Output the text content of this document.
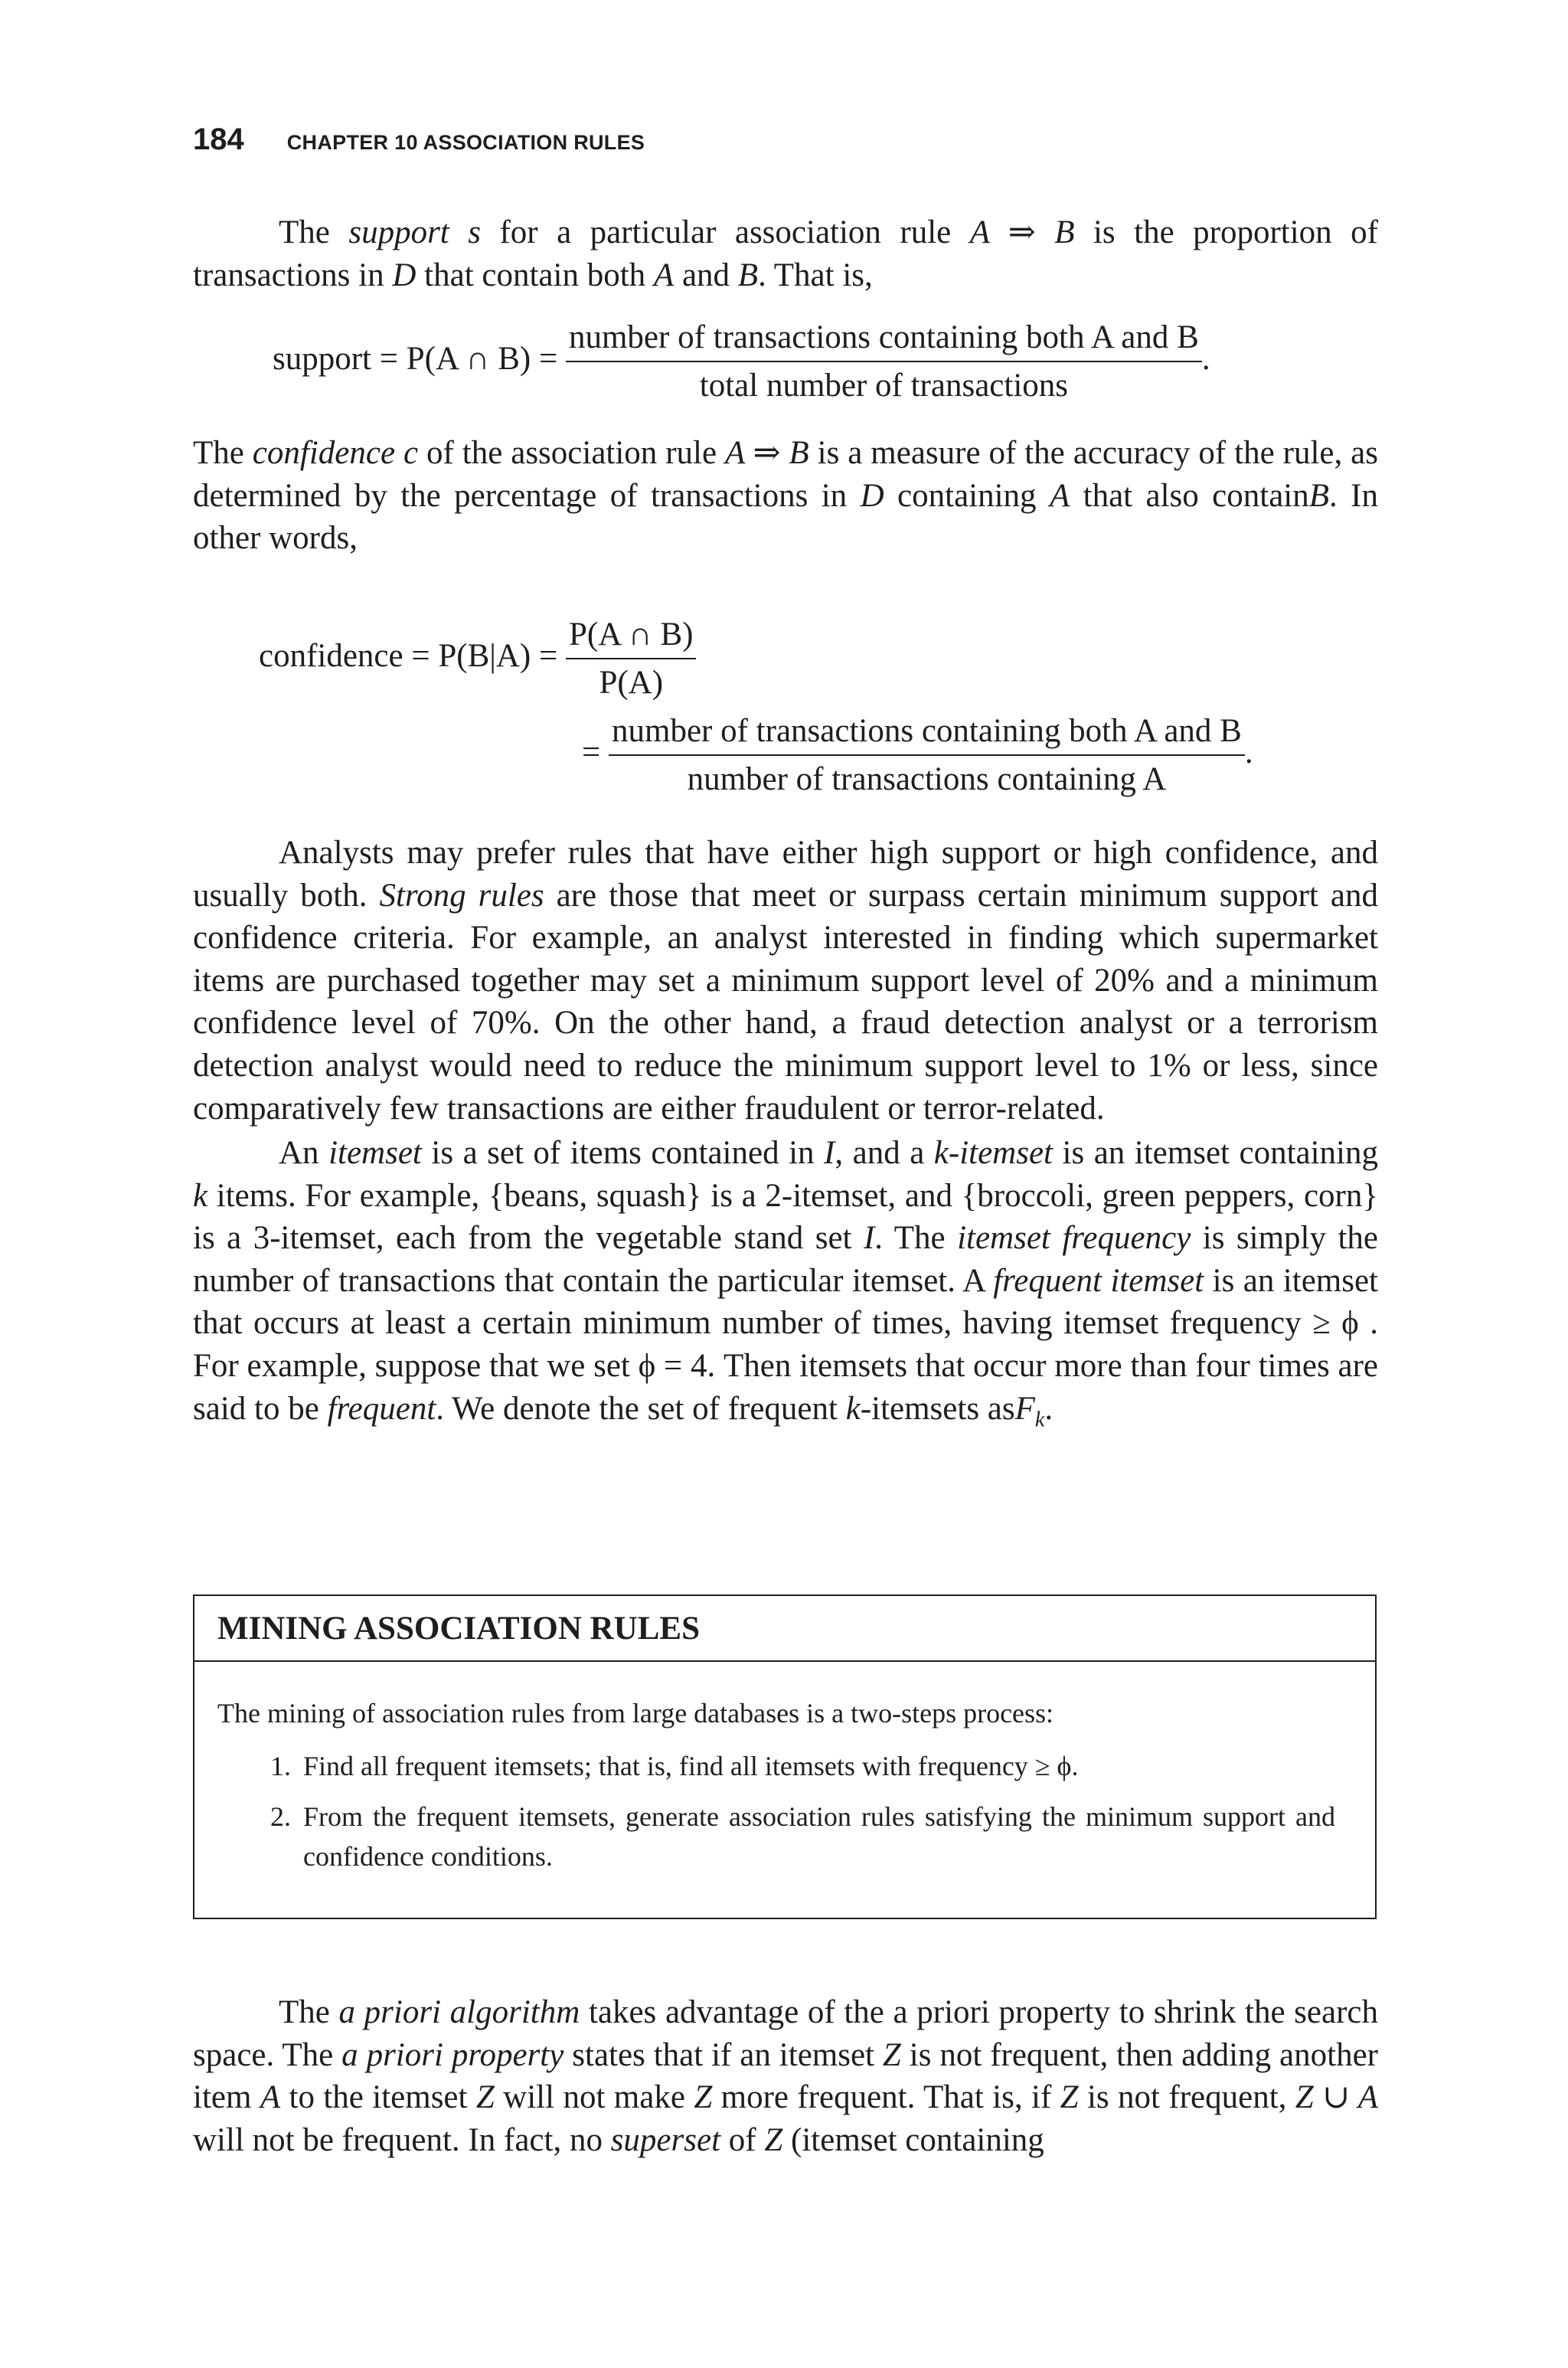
184 CHAPTER 10 ASSOCIATION RULES

The support s for a particular association rule A ⇒ B is the proportion of transactions in D that contain both A and B. That is,

support = P(A ∩ $B) = \frac{\text{number of transactions containing both A and B}}{\text{total number of transactions}}$ .

The confidence c of the association rule A ⇒ B is a measure of the accuracy of the rule, as determined by the percentage of transactions in D containing A that also containB. In other words,

confidence = $P(B|A) = \frac{P(A \cap B)}{P(A)}$
= $\frac{\text{number of transactions containing both A and B}}{\text{number of transactions containing A}}$ .

Analysts may prefer rules that have either high support or high confidence, and usually both. Strong rules are those that meet or surpass certain minimum support and confidence criteria. For example, an analyst interested in finding which supermarket items are purchased together may set a minimum support level of 20% and a minimum confidence level of 70%. On the other hand, a fraud detection analyst or a terrorism detection analyst would need to reduce the minimum support level to 1% or less, since comparatively few transactions are either fraudulent or terror-related.

An itemset is a set of items contained in I, and a k-itemset is an itemset containing k items. For example, {beans, squash} is a 2-itemset, and {broccoli, green peppers, corn} is a 3-itemset, each from the vegetable stand set I. The itemset frequency is simply the number of transactions that contain the particular itemset. A frequent itemset is an itemset that occurs at least a certain minimum number of times, having itemset frequency ≥ ϕ . For example, suppose that we set ϕ = 4. Then itemsets that occur more than four times are said to be frequent. We denote the set of frequent k-itemsets asF$_k$.

MINING ASSOCIATION RULES
The mining of association rules from large databases is a two-steps process:
1. Find all frequent itemsets; that is, find all itemsets with frequency ≥ ϕ.
2. From the frequent itemsets, generate association rules satisfying the minimum support and confidence conditions.

The a priori algorithm takes advantage of the a priori property to shrink the search space. The a priori property states that if an itemset Z is not frequent, then adding another item A to the itemset Z will not make Z more frequent. That is, if Z is not frequent, Z ∪ A will not be frequent. In fact, no superset of Z (itemset containing
